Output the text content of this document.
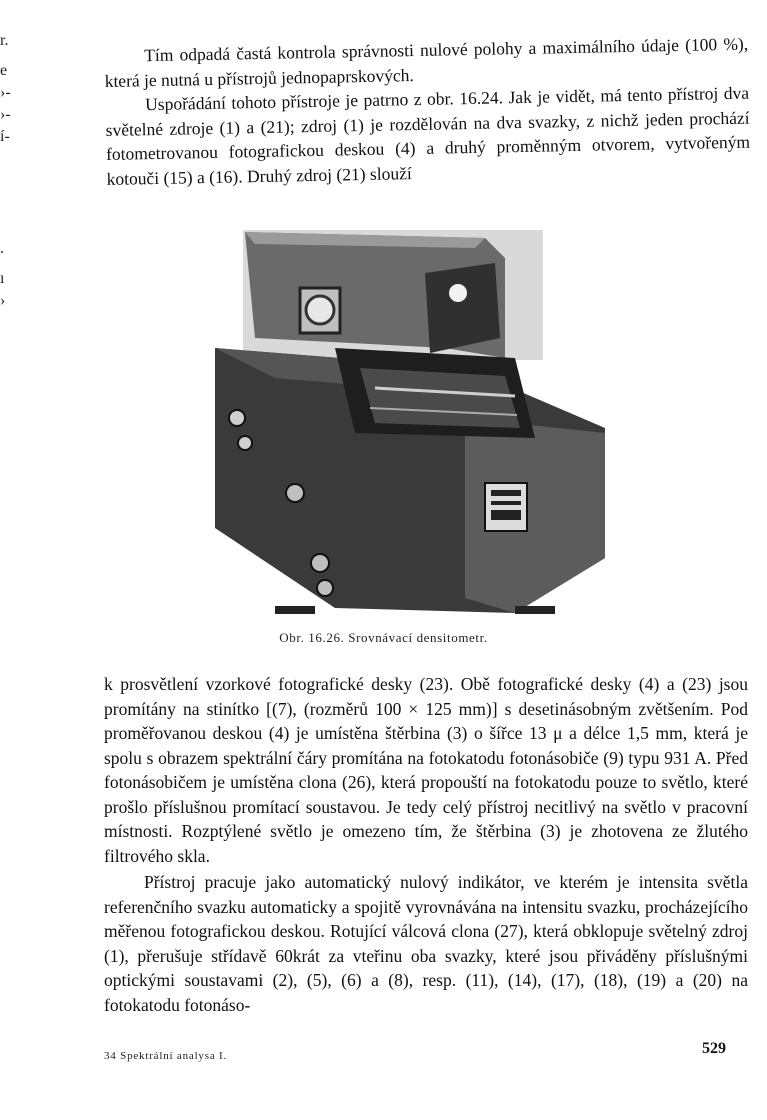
r.
e
›-
›-
í-
.
ı
›

Tím odpadá častá kontrola správnosti nulové polohy a maximálního údaje (100 %), která je nutná u přístrojů jednopaprskových.

Uspořádání tohoto přístroje je patrno z obr. 16.24. Jak je vidět, má tento přístroj dva světelné zdroje (1) a (21); zdroj (1) je rozdělován na dva svazky, z nichž jeden prochází fotometrovanou fotografickou deskou (4) a druhý proměnným otvorem, vytvořeným kotouči (15) a (16). Druhý zdroj (21) slouží

Obr. 16.26. Srovnávací densitometr.

k prosvětlení vzorkové fotografické desky (23). Obě fotografické desky (4) a (23) jsou promítány na stinítko [(7), (rozměrů 100 × 125 mm)] s desetinásobným zvětšením. Pod proměřovanou deskou (4) je umístěna štěrbina (3) o šířce 13 μ a délce 1,5 mm, která je spolu s obrazem spektrální čáry promítána na fotokatodu fotonásobiče (9) typu 931 A. Před fotonásobičem je umístěna clona (26), která propouští na fotokatodu pouze to světlo, které prošlo příslušnou promítací soustavou. Je tedy celý přístroj necitlivý na světlo v pracovní místnosti. Rozptýlené světlo je omezeno tím, že štěrbina (3) je zhotovena ze žlutého filtrového skla.

Přístroj pracuje jako automatický nulový indikátor, ve kterém je intensita světla referenčního svazku automaticky a spojitě vyrovnávána na intensitu svazku, procházejícího měřenou fotografickou deskou. Rotující válcová clona (27), která obklopuje světelný zdroj (1), přerušuje střídavě 60krát za vteřinu oba svazky, které jsou přiváděny příslušnými optickými soustavami (2), (5), (6) a (8), resp. (11), (14), (17), (18), (19) a (20) na fotokatodu fotonáso-

34 Spektrální analysa I.	529
